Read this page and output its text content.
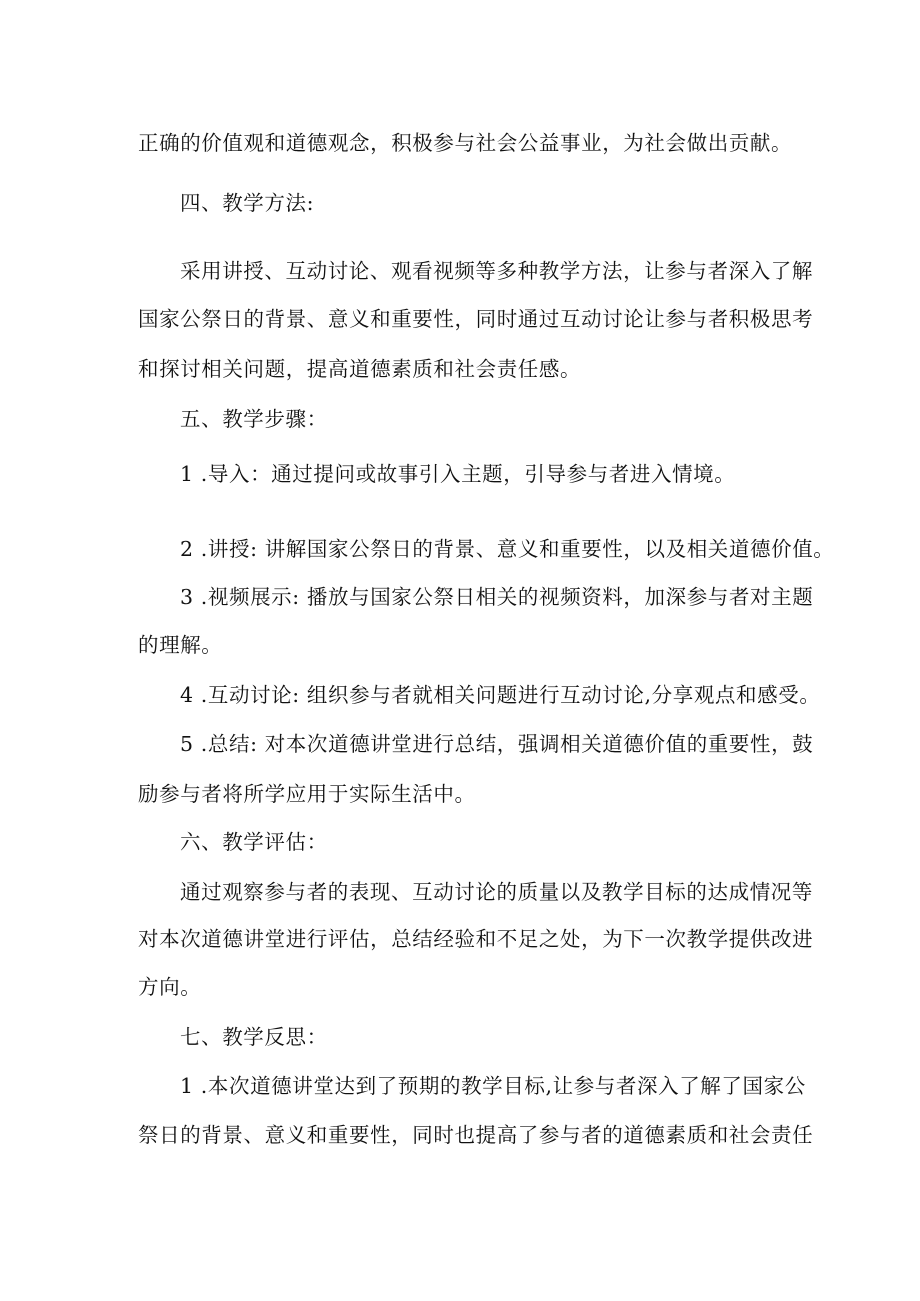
正确的价值观和道德观念，积极参与社会公益事业，为社会做出贡献。
四、教学方法:
采用讲授、互动讨论、观看视频等多种教学方法，让参与者深入了解
国家公祭日的背景、意义和重要性，同时通过互动讨论让参与者积极思考
和探讨相关问题，提高道德素质和社会责任感。
五、教学步骤：
1 .导入：通过提问或故事引入主题，引导参与者进入情境。
2 .讲授: 讲解国家公祭日的背景、意义和重要性，以及相关道德价值。
3 .视频展示: 播放与国家公祭日相关的视频资料，加深参与者对主题
的理解。
4 .互动讨论: 组织参与者就相关问题进行互动讨论,分享观点和感受。
5 .总结: 对本次道德讲堂进行总结，强调相关道德价值的重要性，鼓
励参与者将所学应用于实际生活中。
六、教学评估：
通过观察参与者的表现、互动讨论的质量以及教学目标的达成情况等
对本次道德讲堂进行评估，总结经验和不足之处，为下一次教学提供改进
方向。
七、教学反思：
1 .本次道德讲堂达到了预期的教学目标,让参与者深入了解了国家公
祭日的背景、意义和重要性，同时也提高了参与者的道德素质和社会责任
